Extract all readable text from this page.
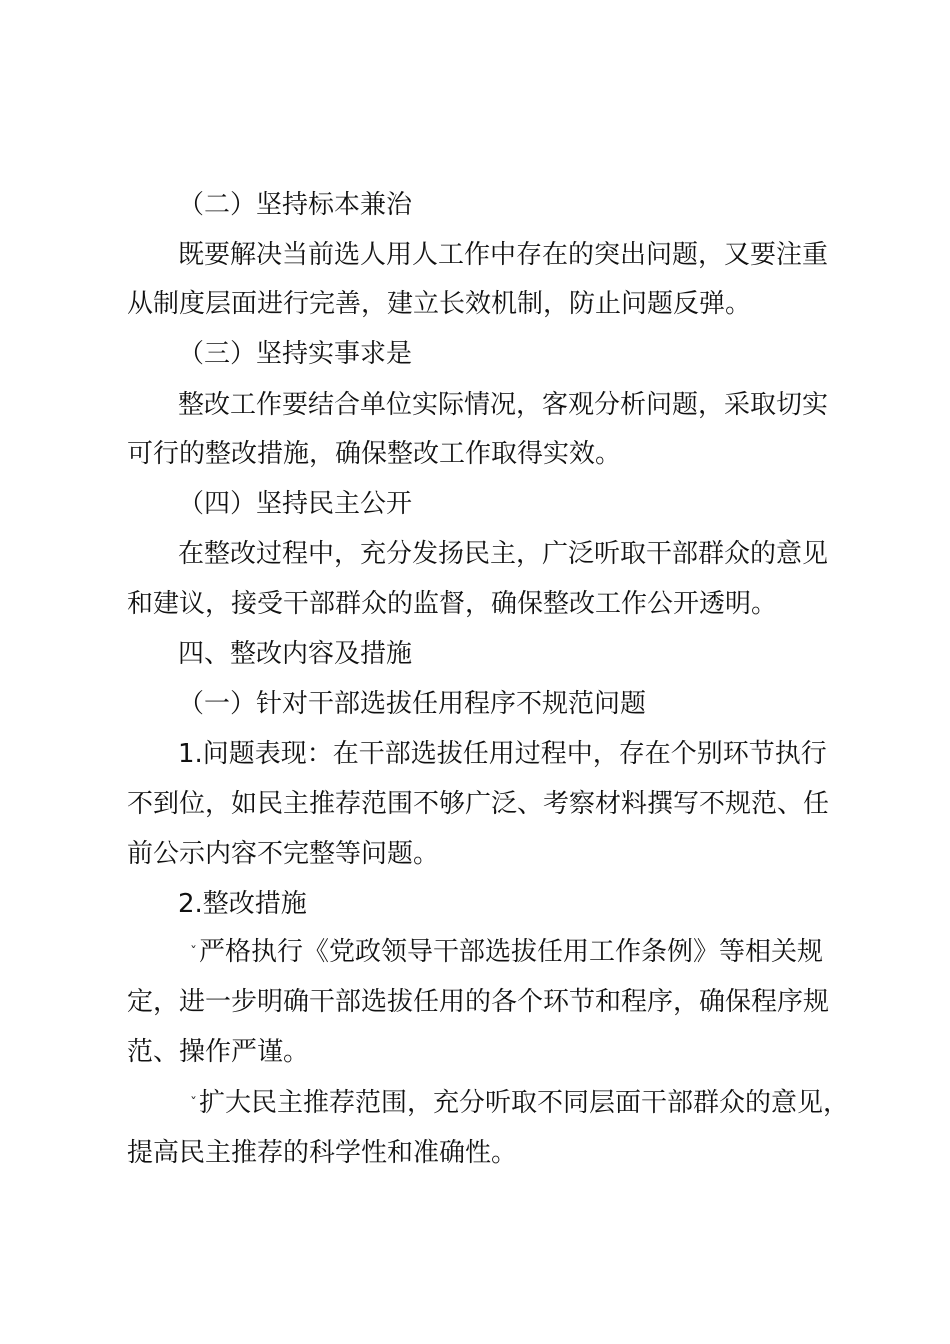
（二）坚持标本兼治
既要解决当前选人用人工作中存在的突出问题，又要注重
从制度层面进行完善，建立长效机制，防止问题反弹。
（三）坚持实事求是
整改工作要结合单位实际情况，客观分析问题，采取切实
可行的整改措施，确保整改工作取得实效。
（四）坚持民主公开
在整改过程中，充分发扬民主，广泛听取干部群众的意见
和建议，接受干部群众的监督，确保整改工作公开透明。
四、整改内容及措施
（一）针对干部选拔任用程序不规范问题
1.问题表现：在干部选拔任用过程中，存在个别环节执行
不到位，如民主推荐范围不够广泛、考察材料撰写不规范、任
前公示内容不完整等问题。
2.整改措施
ˇ严格执行《党政领导干部选拔任用工作条例》等相关规
定，进一步明确干部选拔任用的各个环节和程序，确保程序规
范、操作严谨。
ˇ扩大民主推荐范围，充分听取不同层面干部群众的意见，
提高民主推荐的科学性和准确性。
